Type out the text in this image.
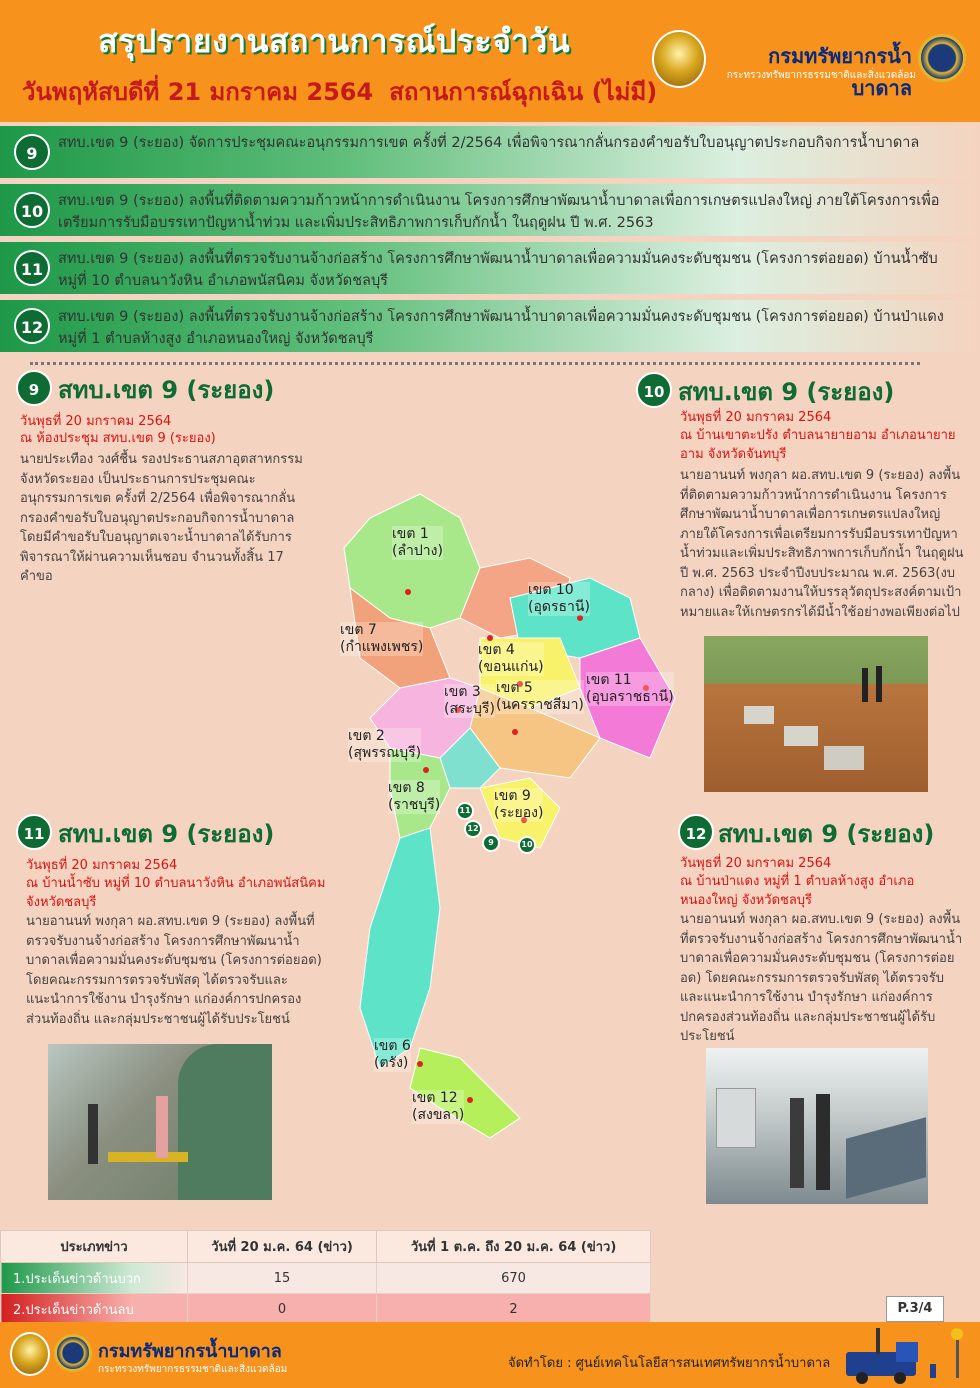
สรุปรายงานสถานการณ์ประจำวัน
วันพฤหัสบดีที่ 21 มกราคม 2564 สถานการณ์ฉุกเฉิน (ไม่มี)
กรมทรัพยากรน้ำบาดาล
กระทรวงทรัพยากรธรรมชาติและสิ่งแวดล้อม
9
สทบ.เขต 9 (ระยอง) จัดการประชุมคณะอนุกรรมการเขต ครั้งที่ 2/2564 เพื่อพิจารณากลั่นกรองคำขอรับใบอนุญาตประกอบกิจการน้ำบาดาล
10
สทบ.เขต 9 (ระยอง) ลงพื้นที่ติดตามความก้าวหน้าการดำเนินงาน โครงการศึกษาพัฒนาน้ำบาดาลเพื่อการเกษตรแปลงใหญ่ ภายใต้โครงการเพื่อเตรียมการรับมือบรรเทาปัญหาน้ำท่วม และเพิ่มประสิทธิภาพการเก็บกักน้ำ ในฤดูฝน ปี พ.ศ. 2563
11
สทบ.เขต 9 (ระยอง) ลงพื้นที่ตรวจรับงานจ้างก่อสร้าง โครงการศึกษาพัฒนาน้ำบาดาลเพื่อความมั่นคงระดับชุมชน (โครงการต่อยอด) บ้านน้ำซับ หมู่ที่ 10 ตำบลนาวังหิน อำเภอพนัสนิคม จังหวัดชลบุรี
12
สทบ.เขต 9 (ระยอง) ลงพื้นที่ตรวจรับงานจ้างก่อสร้าง โครงการศึกษาพัฒนาน้ำบาดาลเพื่อความมั่นคงระดับชุมชน (โครงการต่อยอด) บ้านป่าแดง หมู่ที่ 1 ตำบลห้างสูง อำเภอหนองใหญ่ จังหวัดชลบุรี
9 สทบ.เขต 9 (ระยอง)
วันพุธที่ 20 มกราคม 2564
ณ ห้องประชุม สทบ.เขต 9 (ระยอง)
นายประเทือง วงศ์ชื้น รองประธานสภาอุตสาหกรรมจังหวัดระยอง เป็นประธานการประชุมคณะอนุกรรมการเขต ครั้งที่ 2/2564 เพื่อพิจารณากลั่นกรองคำขอรับใบอนุญาตประกอบกิจการน้ำบาดาล โดยมีคำขอรับใบอนุญาตเจาะน้ำบาดาลได้รับการพิจารณาให้ผ่านความเห็นชอบ จำนวนทั้งสิ้น 17 คำขอ
10 สทบ.เขต 9 (ระยอง)
วันพุธที่ 20 มกราคม 2564
ณ บ้านเขาตะปรัง ตำบลนายายอาม อำเภอนายายอาม จังหวัดจันทบุรี
นายอานนท์ พงกุลา ผอ.สทบ.เขต 9 (ระยอง) ลงพื้นที่ติดตามความก้าวหน้าการดำเนินงาน โครงการศึกษาพัฒนาน้ำบาดาลเพื่อการเกษตรแปลงใหญ่ ภายใต้โครงการเพื่อเตรียมการรับมือบรรเทาปัญหาน้ำท่วมและเพิ่มประสิทธิภาพการเก็บกักน้ำ ในฤดูฝน ปี พ.ศ. 2563 ประจำปีงบประมาณ พ.ศ. 2563(งบกลาง) เพื่อติดตามงานให้บรรลุวัตถุประสงค์ตามเป้าหมายและให้เกษตรกรได้มีน้ำใช้อย่างพอเพียงต่อไป
เขต 1
(ลำปาง)
เขต 10
(อุดรธานี)
เขต 7
(กำแพงเพชร)	เขต 4
(ขอนแก่น)
เขต 3
(สระบุรี)
เขต 5
(นครราชสีมา)
เขต 11
(อุบลราชธานี)
เขต 2
(สุพรรณบุรี)
เขต 8
(ราชบุรี)
เขต 9
(ระยอง)
เขต 6
(ตรัง)
เขต 12
(สงขลา)
11
12
9	10
11 สทบ.เขต 9 (ระยอง)
วันพุธที่ 20 มกราคม 2564
ณ บ้านน้ำซับ หมู่ที่ 10 ตำบลนาวังหิน อำเภอพนัสนิคม จังหวัดชลบุรี
นายอานนท์ พงกุลา ผอ.สทบ.เขต 9 (ระยอง) ลงพื้นที่ตรวจรับงานจ้างก่อสร้าง โครงการศึกษาพัฒนาน้ำบาดาลเพื่อความมั่นคงระดับชุมชน (โครงการต่อยอด) โดยคณะกรรมการตรวจรับพัสดุ ได้ตรวจรับและแนะนำการใช้งาน บำรุงรักษา แก่องค์การปกครองส่วนท้องถิ่น และกลุ่มประชาชนผู้ได้รับประโยชน์
12 สทบ.เขต 9 (ระยอง)
วันพุธที่ 20 มกราคม 2564
ณ บ้านป่าแดง หมู่ที่ 1 ตำบลห้างสูง อำเภอหนองใหญ่ จังหวัดชลบุรี
นายอานนท์ พงกุลา ผอ.สทบ.เขต 9 (ระยอง) ลงพื้นที่ตรวจรับงานจ้างก่อสร้าง โครงการศึกษาพัฒนาน้ำบาดาลเพื่อความมั่นคงระดับชุมชน (โครงการต่อยอด) โดยคณะกรรมการตรวจรับพัสดุ ได้ตรวจรับและแนะนำการใช้งาน บำรุงรักษา แก่องค์การปกครองส่วนท้องถิ่น และกลุ่มประชาชนผู้ได้รับประโยชน์
ประเภทข่าว	วันที่ 20 ม.ค. 64 (ข่าว)	วันที่ 1 ต.ค. ถึง 20 ม.ค. 64 (ข่าว)
1.ประเด็นข่าวด้านบวก	15	670
2.ประเด็นข่าวด้านลบ	0	2	P.3/4
กรมทรัพยากรน้ำบาดาล
กระทรวงทรัพยากรธรรมชาติและสิ่งแวดล้อม	จัดทำโดย : ศูนย์เทคโนโลยีสารสนเทศทรัพยากรน้ำบาดาล
